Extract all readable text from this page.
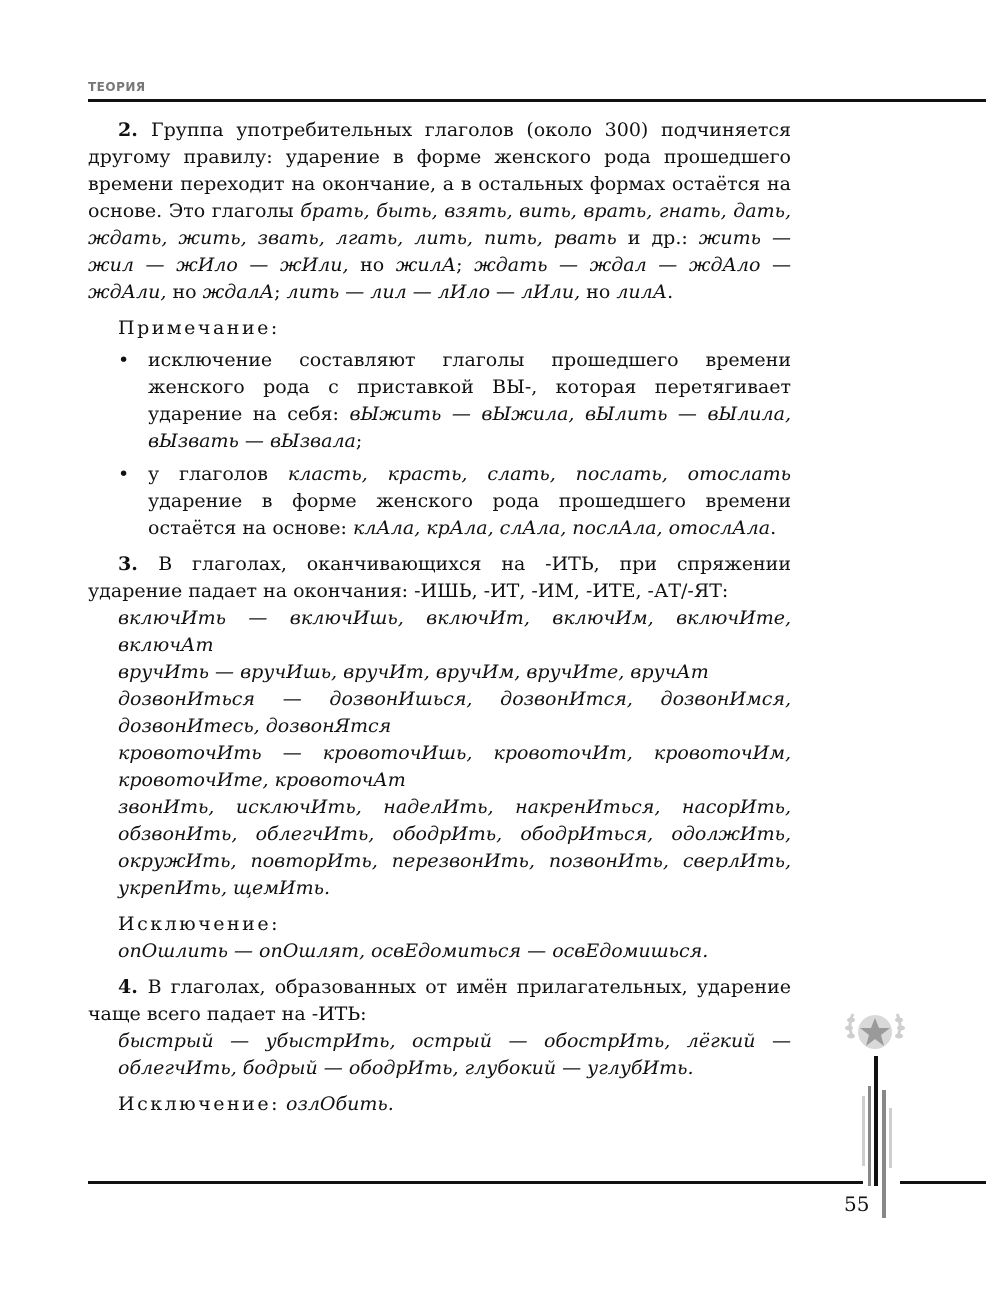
ТЕОРИЯ

2. Группа употребительных глаголов (около 300) подчиняется другому правилу: ударение в форме женского рода прошедшего времени переходит на окончание, а в остальных формах остаётся на основе. Это глаголы брать, быть, взять, вить, врать, гнать, дать, ждать, жить, звать, лгать, лить, пить, рвать и др.: жить — жил — жИло — жИли, но жилА; ждать — ждал — ждАло — ждАли, но ждалА; лить — лил — лИло — лИли, но лилА.

Примечание:
• исключение составляют глаголы прошедшего времени женского рода с приставкой ВЫ-, которая перетягивает ударение на себя: вЫжить — вЫжила, вЫлить — вЫлила, вЫзвать — вЫзвала;
• у глаголов класть, красть, слать, послать, отослать ударение в форме женского рода прошедшего времени остаётся на основе: клАла, крАла, слАла, послАла, отослАла.

3. В глаголах, оканчивающихся на -ИТЬ, при спряжении ударение падает на окончания: -ИШЬ, -ИТ, -ИМ, -ИТЕ, -АТ/-ЯТ:

включИть — включИшь, включИт, включИм, включИте, включАт
вручИть — вручИшь, вручИт, вручИм, вручИте, вручАт
дозвонИться — дозвонИшься, дозвонИтся, дозвонИмся, дозвонИтесь, дозвонЯтся
кровоточИть — кровоточИшь, кровоточИт, кровоточИм, кровоточИте, кровоточАт
звонИть, исключИть, наделИть, накренИться, насорИть, обзвонИть, облегчИть, ободрИть, ободрИться, одолжИть, окружИть, повторИть, перезвонИть, позвонИть, сверлИть, укрепИть, щемИть.
Исключение:
опОшлить — опОшлят, освЕдомиться — освЕдомишься.

4. В глаголах, образованных от имён прилагательных, ударение чаще всего падает на -ИТЬ:

быстрый — убыстрИть, острый — обострИть, лёгкий — облегчИть, бодрый — ободрИть, глубокий — углубИть.
Исключение: озлОбить.
55
